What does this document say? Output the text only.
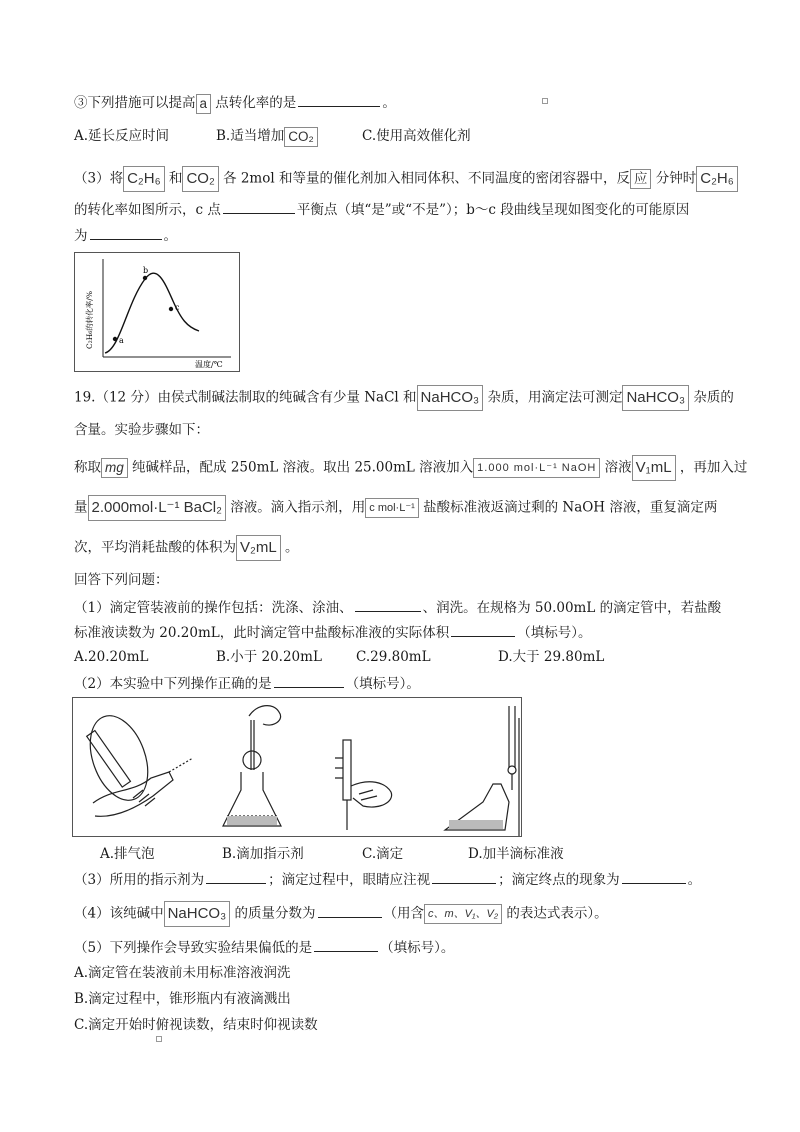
③下列措施可以提高 a 点转化率的是	。
A.延长反应时间	B.适当增加 CO₂	C.使用高效催化剂
（3）将 C₂H₆ 和 CO₂ 各 2mol 和等量的催化剂加入相同体积、不同温度的密闭容器中，反 应 分钟时 C₂H₆
的转化率如图所示，c 点	平衡点（填“是”或“不是”）；b～c 段曲线呈现如图变化的可能原因
为	。
a
b
c
温度/℃
C₂H₆的转化率/%
19.（12 分）由侯式制碱法制取的纯碱含有少量 NaCl 和 NaHCO₃ 杂质，用滴定法可测定 NaHCO₃ 杂质的
含量。实验步骤如下：
称取 mg 纯碱样品，配成 250mL 溶液。取出 25.00mL 溶液加入 1.000 mol·L⁻¹ NaOH 溶液 V₁mL ，再加入过
量 2.000mol·L⁻¹ BaCl₂ 溶液。滴入指示剂，用 c mol·L⁻¹ 盐酸标准液返滴过剩的 NaOH 溶液，重复滴定两
次，平均消耗盐酸的体积为 V₂mL 。
回答下列问题：
（1）滴定管装液前的操作包括：洗涤、涂油、	、润洗。在规格为 50.00mL 的滴定管中，若盐酸
标准液读数为 20.20mL，此时滴定管中盐酸标准液的实际体积	（填标号）。
A.20.20mL	B.小于 20.20mL	C.29.80mL	D.大于 29.80mL
（2）本实验中下列操作正确的是	（填标号）。
A.排气泡	B.滴加指示剂	C.滴定	D.加半滴标准液
（3）所用的指示剂为	；滴定过程中，眼睛应注视	；滴定终点的现象为	。
（4）该纯碱中 NaHCO₃ 的质量分数为	（用含 c、m、V₁、V₂ 的表达式表示）。
（5）下列操作会导致实验结果偏低的是	（填标号）。
A.滴定管在装液前未用标准溶液润洗
B.滴定过程中，锥形瓶内有液滴溅出
C.滴定开始时俯视读数，结束时仰视读数
